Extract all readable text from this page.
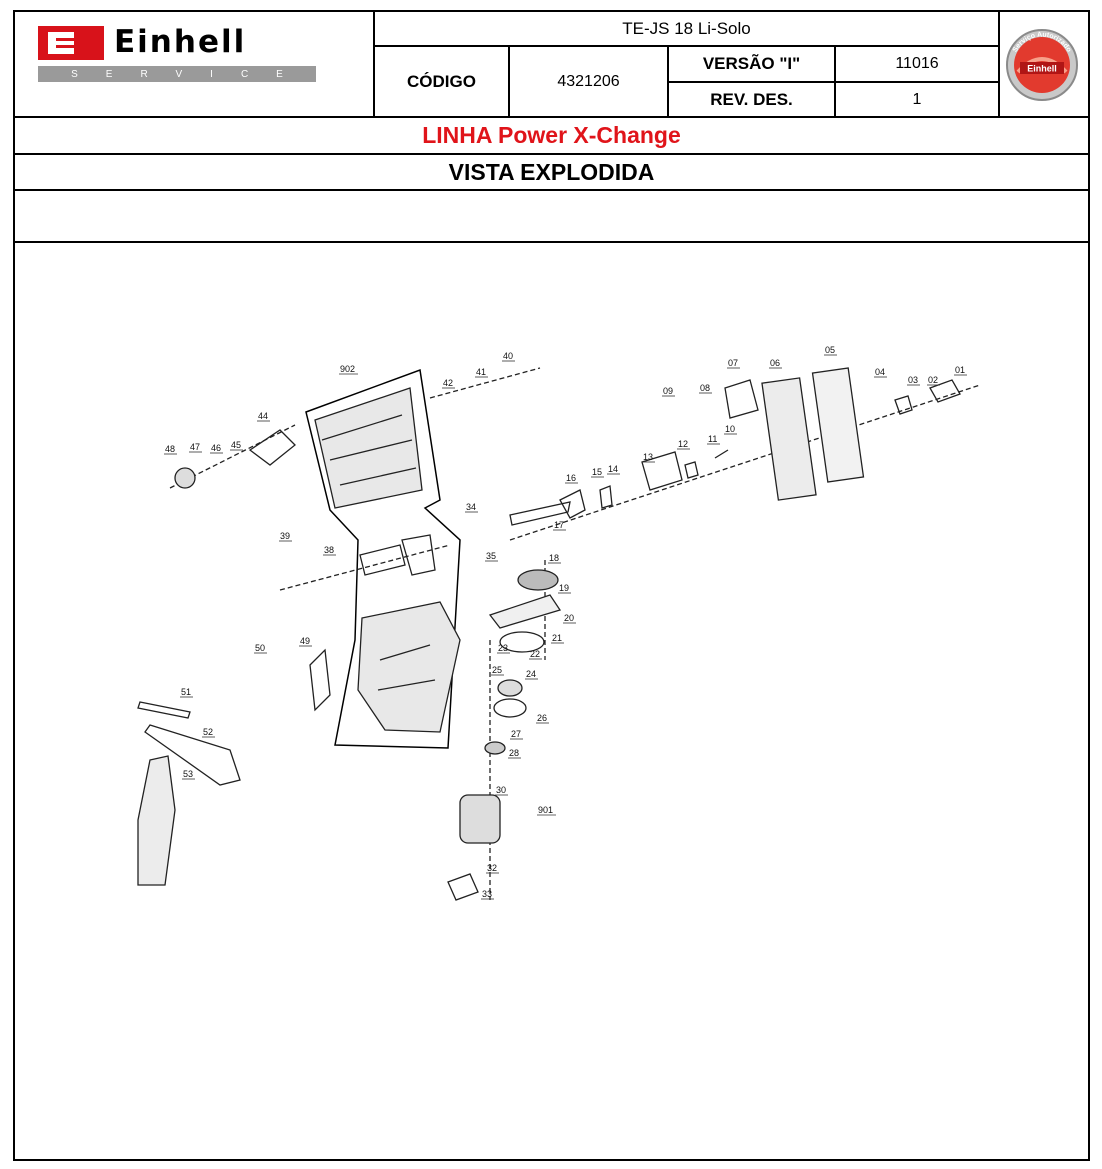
Einhell
SERVICE
TE-JS 18 Li-Solo
CÓDIGO	4321206
VERSÃO "I"	11016
REV. DES.	1
Einhell
Serviço Autorizado
LINHA Power X-Change
VISTA EXPLODIDA
01
02
03
04
05
06
07
08
09
10
11
12
13
14
15
16
17
18
19
20
21
22
23
24
25
26
27
28
30
32
33
34
35
38
39
40
41
42
44
45
46
47
48
49
50
51
52
53
901
902
